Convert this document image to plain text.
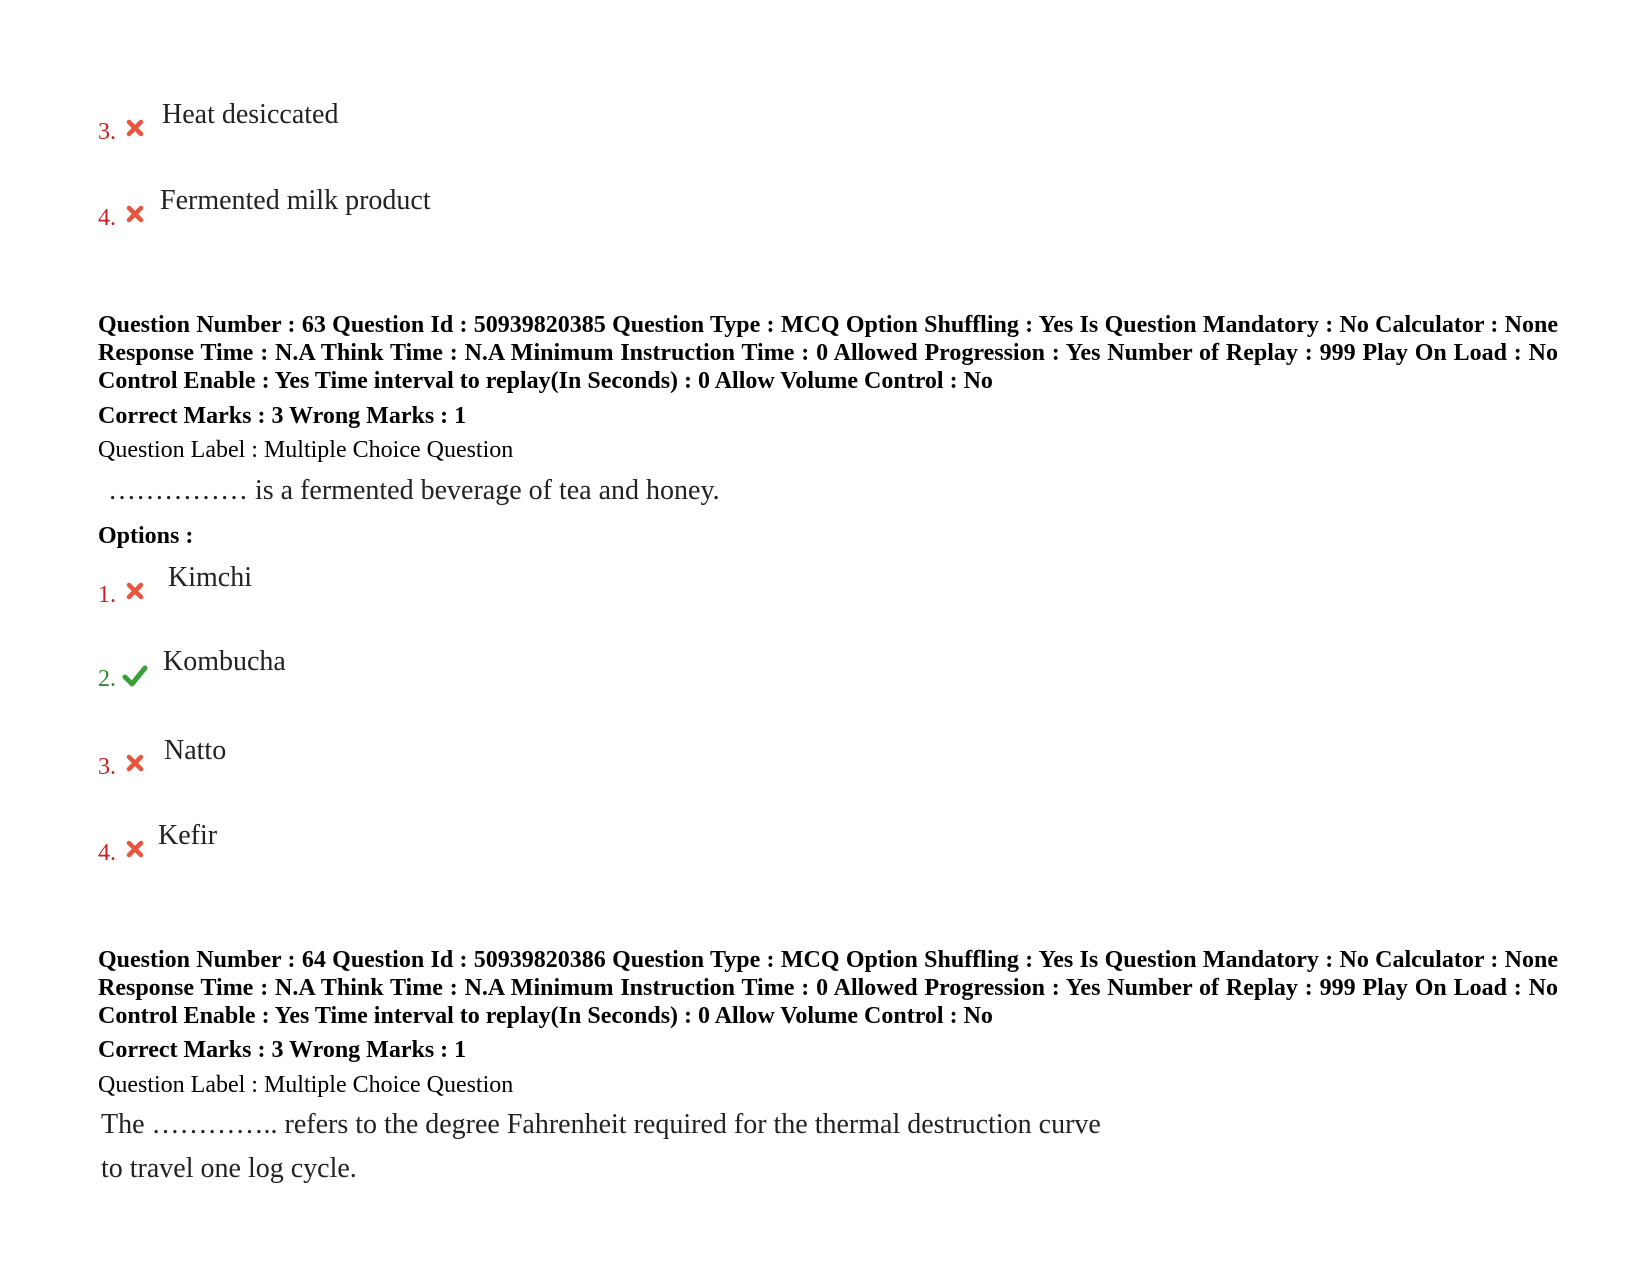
3.
Heat desiccated
4.
Fermented milk product
Question Number : 63 Question Id : 50939820385 Question Type : MCQ Option Shuffling : Yes Is Question Mandatory : No Calculator : None Response Time : N.A Think Time : N.A Minimum Instruction Time : 0 Allowed Progression : Yes Number of Replay : 999 Play On Load : No Control Enable : Yes Time interval to replay(In Seconds) : 0 Allow Volume Control : No
Correct Marks : 3 Wrong Marks : 1
Question Label : Multiple Choice Question
…………… is a fermented beverage of tea and honey.
Options :
1.
Kimchi
2.
Kombucha
3.
Natto
4.
Kefir
Question Number : 64 Question Id : 50939820386 Question Type : MCQ Option Shuffling : Yes Is Question Mandatory : No Calculator : None Response Time : N.A Think Time : N.A Minimum Instruction Time : 0 Allowed Progression : Yes Number of Replay : 999 Play On Load : No Control Enable : Yes Time interval to replay(In Seconds) : 0 Allow Volume Control : No
Correct Marks : 3 Wrong Marks : 1
Question Label : Multiple Choice Question
The ………….. refers to the degree Fahrenheit required for the thermal destruction curve
to travel one log cycle.
